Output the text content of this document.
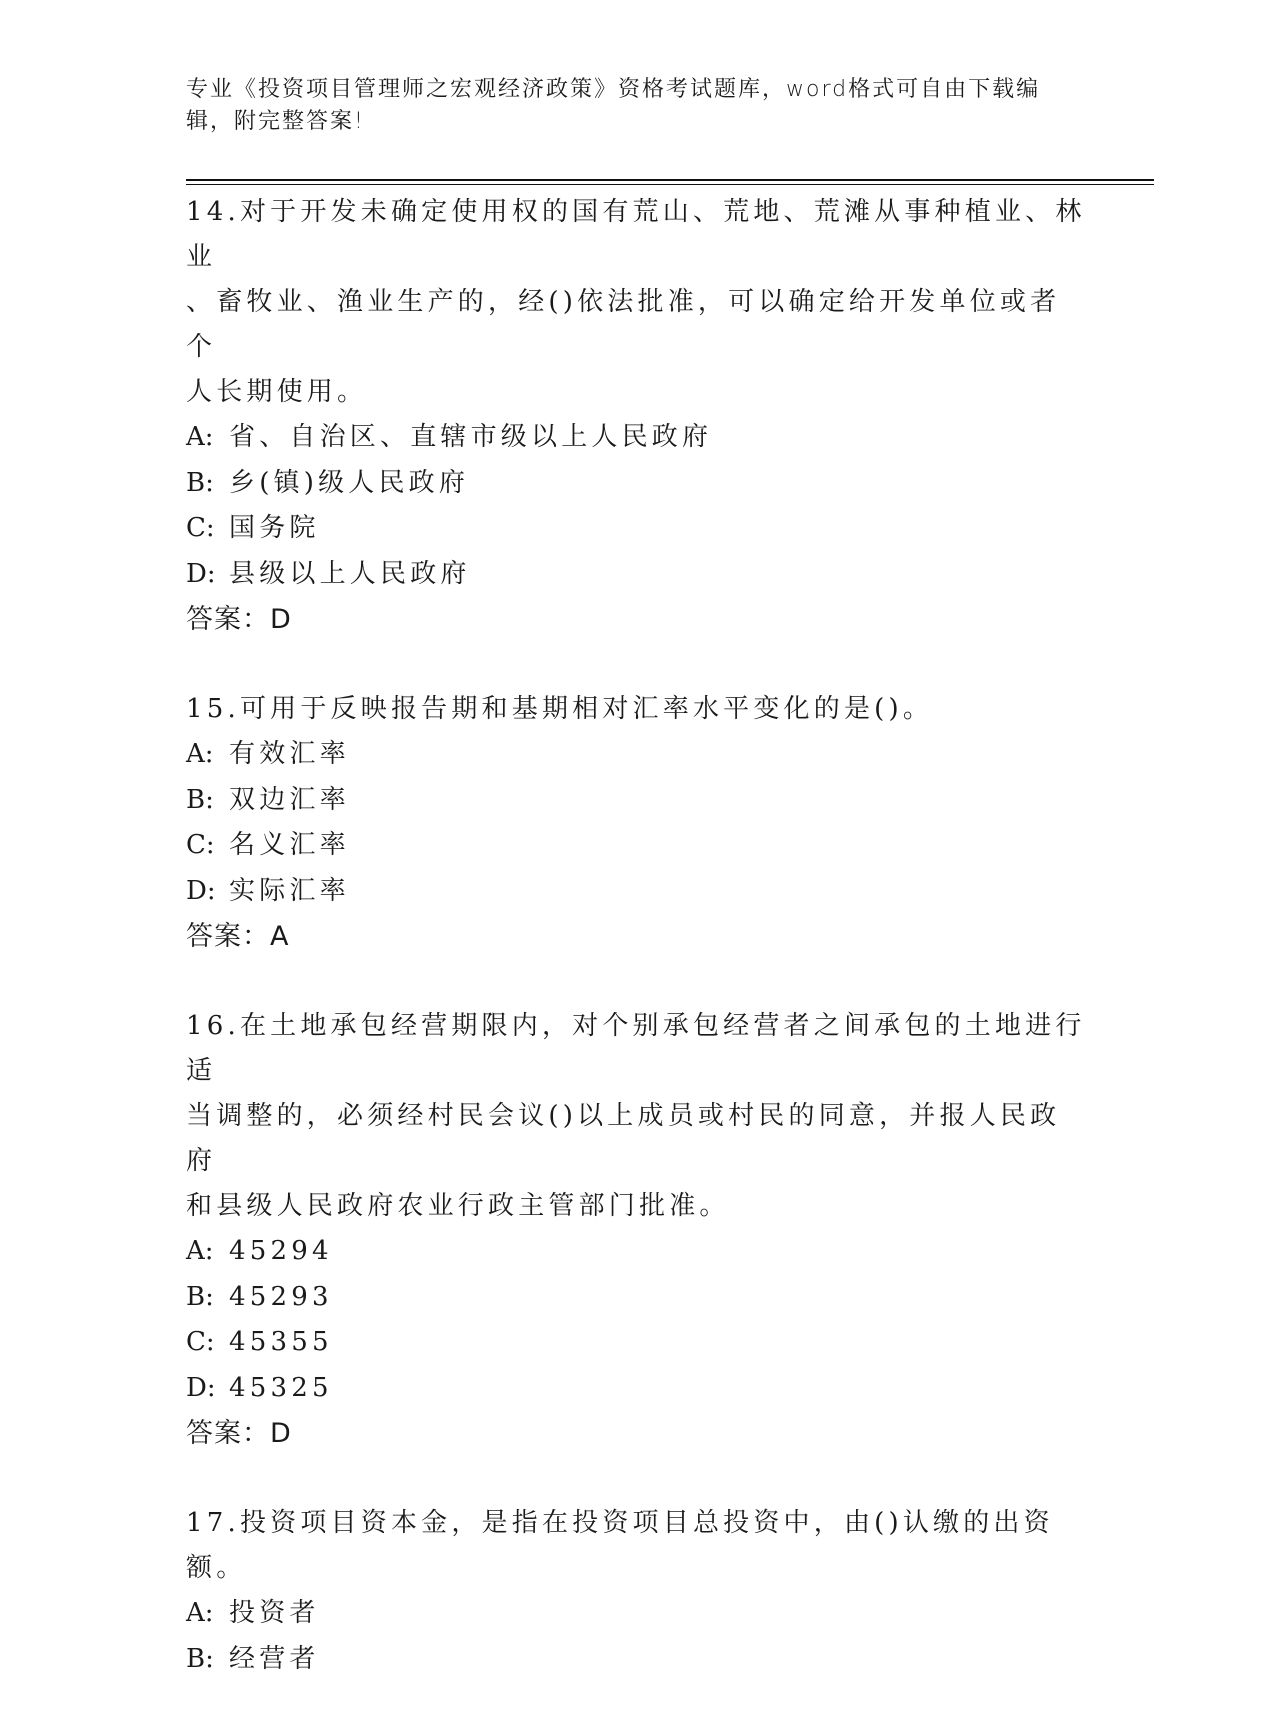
专业《投资项目管理师之宏观经济政策》资格考试题库，word格式可自由下载编
辑，附完整答案!

14.对于开发未确定使用权的国有荒山、荒地、荒滩从事种植业、林业

、畜牧业、渔业生产的，经()依法批准，可以确定给开发单位或者个

人长期使用。

A: 省、自治区、直辖市级以上人民政府

B: 乡(镇)级人民政府

C: 国务院

D: 县级以上人民政府

答案：D

15.可用于反映报告期和基期相对汇率水平变化的是()。

A: 有效汇率

B: 双边汇率

C: 名义汇率

D: 实际汇率

答案：A

16.在土地承包经营期限内，对个别承包经营者之间承包的土地进行适

当调整的，必须经村民会议()以上成员或村民的同意，并报人民政府

和县级人民政府农业行政主管部门批准。

A: 45294

B: 45293

C: 45355

D: 45325

答案：D

17.投资项目资本金，是指在投资项目总投资中，由()认缴的出资额。

A: 投资者

B: 经营者
